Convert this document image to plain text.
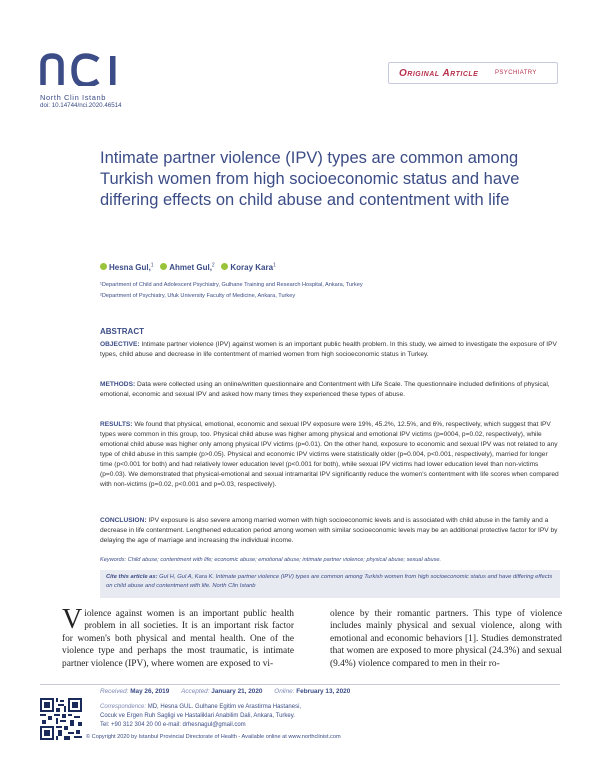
North Clin Istanb
doi: 10.14744/nci.2020.46514
Original Article	PSYCHIATRY
Intimate partner violence (IPV) types are common among Turkish women from high socioeconomic status and have differing effects on child abuse and contentment with life
Hesna Gul,$^1$ Ahmet Gul,$^2$ Koray Kara$^1$
¹Department of Child and Adolescent Psychiatry, Gulhane Training and Research Hospital, Ankara, Turkey
²Department of Psychiatry, Ufuk University Faculty of Medicine, Ankara, Turkey
ABSTRACT
OBJECTIVE: Intimate partner violence (IPV) against women is an important public health problem. In this study, we aimed to investigate the exposure of IPV types, child abuse and decrease in life contentment of married women from high socioeconomic status in Turkey.
METHODS: Data were collected using an online/written questionnaire and Contentment with Life Scale. The questionnaire included definitions of physical, emotional, economic and sexual IPV and asked how many times they experienced these types of abuse.
RESULTS: We found that physical, emotional, economic and sexual IPV exposure were 19%, 45.2%, 12.5%, and 6%, respectively, which suggest that IPV types were common in this group, too. Physical child abuse was higher among physical and emotional IPV victims (p=0004, p=0.02, respectively), while emotional child abuse was higher only among physical IPV victims (p=0.01). On the other hand, exposure to economic and sexual IPV was not related to any type of child abuse in this sample (p>0.05). Physical and economic IPV victims were statistically older (p=0.004, p<0.001, respectively), married for longer time (p<0.001 for both) and had relatively lower education level (p<0.001 for both), while sexual IPV victims had lower education level than non-victims (p=0.03). We demonstrated that physical-emotional and sexual intramarital IPV significantly reduce the women's contentment with life scores when compared with non-victims (p=0.02, p<0.001 and p=0.03, respectively).
CONCLUSION: IPV exposure is also severe among married women with high socioeconomic levels and is associated with child abuse in the family and a decrease in life contentment. Lengthened education period among women with similar socioeconomic levels may be an additional protective factor for IPV by delaying the age of marriage and increasing the individual income.
Keywords: Child abuse; contentment with life; economic abuse; emotional abuse; intimate partner violence; physical abuse; sexual abuse.
Cite this article as: Gul H, Gul A, Kara K. Intimate partner violence (IPV) types are common among Turkish women from high socioeconomic status and have differing effects on child abuse and contentment with life. North Clin Istanb
Violence against women is an important public health problem in all societies. It is an important risk factor for women's both physical and mental health. One of the violence type and perhaps the most traumatic, is intimate partner violence (IPV), where women are exposed to vi-
olence by their romantic partners. This type of violence includes mainly physical and sexual violence, along with emotional and economic behaviors [1]. Studies demonstrated that women are exposed to more physical (24.3%) and sexual (9.4%) violence compared to men in their ro-
Received: May 26, 2019 Accepted: January 21, 2020 Online: February 13, 2020
Correspondence: MD, Hesna GUL. Gulhane Egitim ve Arastirma Hastanesi,
Cocuk ve Ergen Ruh Sagligi ve Hastaliklari Anabilim Dali, Ankara, Turkey.
Tel: +90 312 304 20 00 e-mail: drhesnagul@gmail.com
© Copyright 2020 by Istanbul Provincial Directorate of Health - Available online at www.northclinist.com
